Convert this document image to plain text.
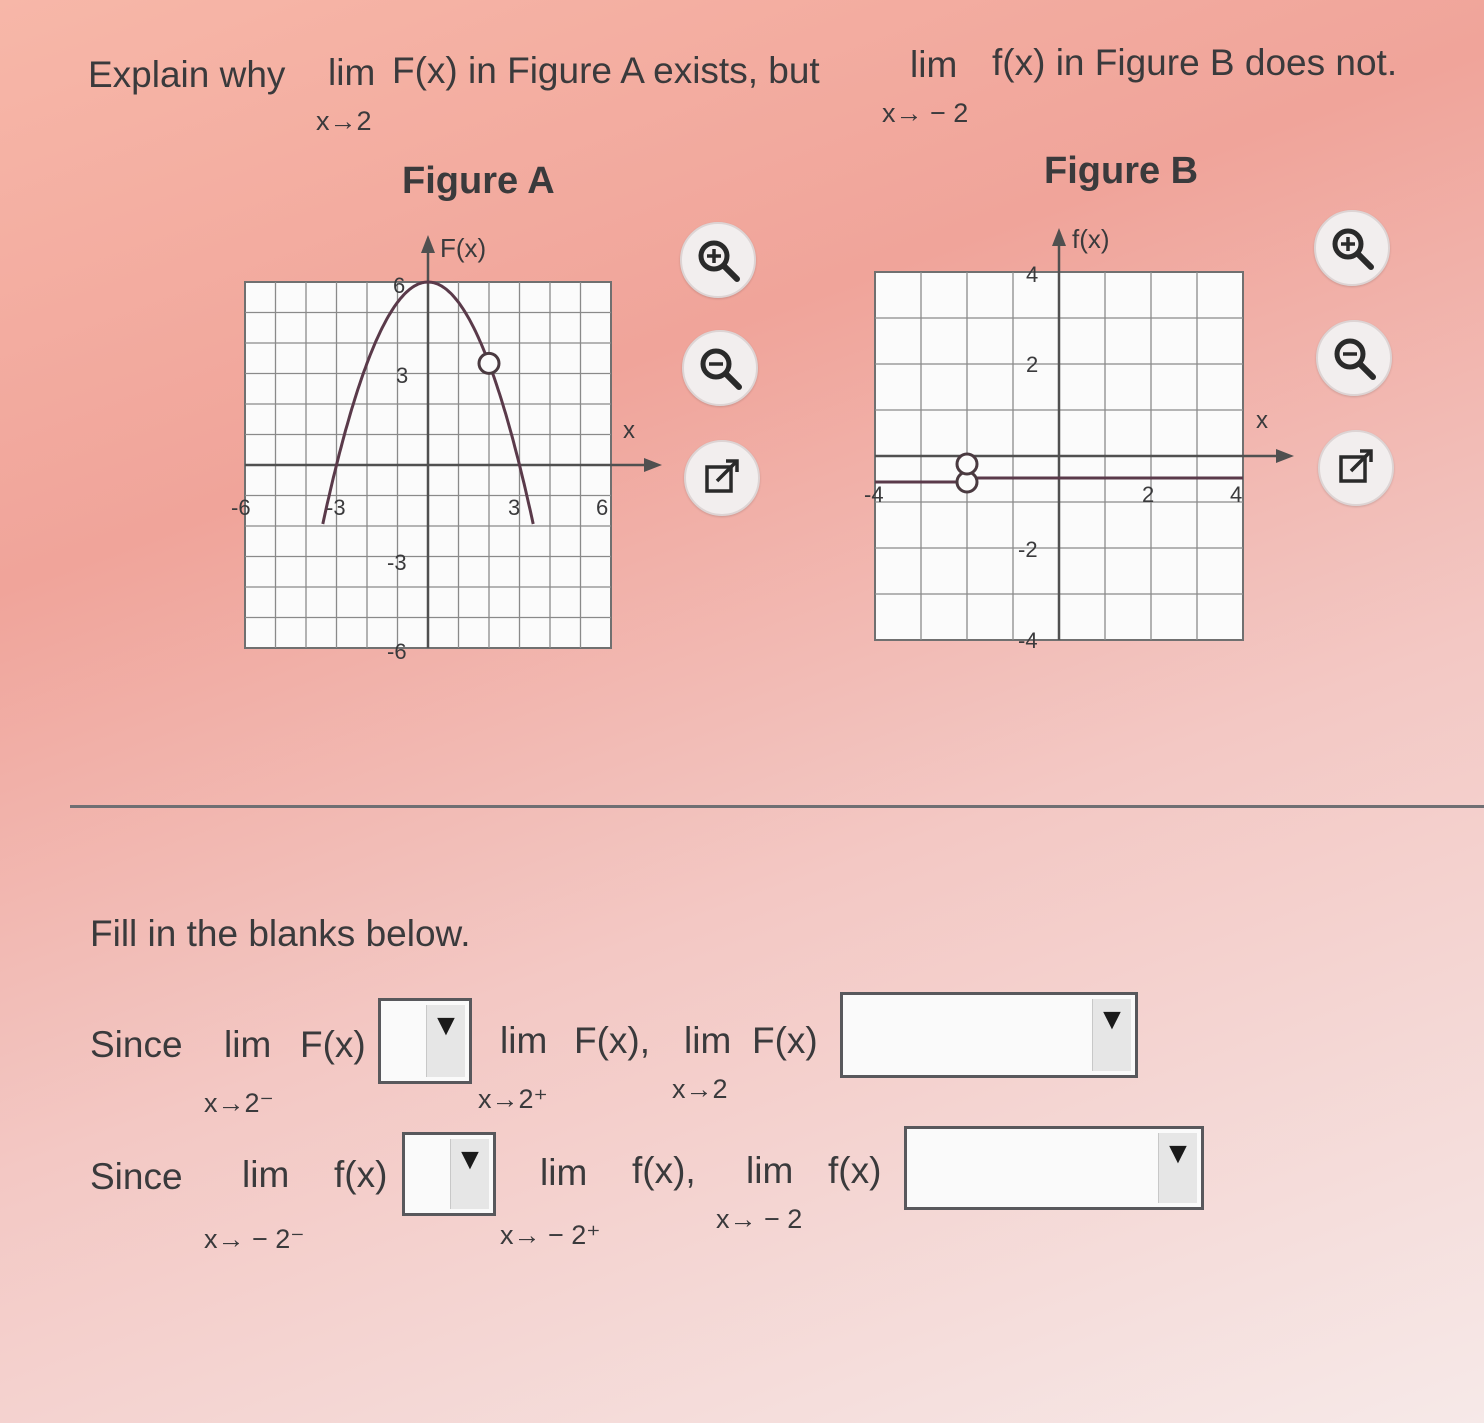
Explain why lim F(x) in Figure A exists, but
x→2
lim f(x) in Figure B does not.
x→ − 2
Figure A	Figure B
F(x)
x
-6	-3	3	6
6
3
-3
-6
f(x)
x
-4	2	4
4
2
-2
-4
Fill in the blanks below.
Since lim F(x)
x→2⁻
▼ lim F(x),
x→2⁺
lim F(x)
x→2
▼
Since lim f(x)
x→ − 2⁻
▼ lim f(x),
x→ − 2⁺
lim f(x)
x→ − 2
▼
